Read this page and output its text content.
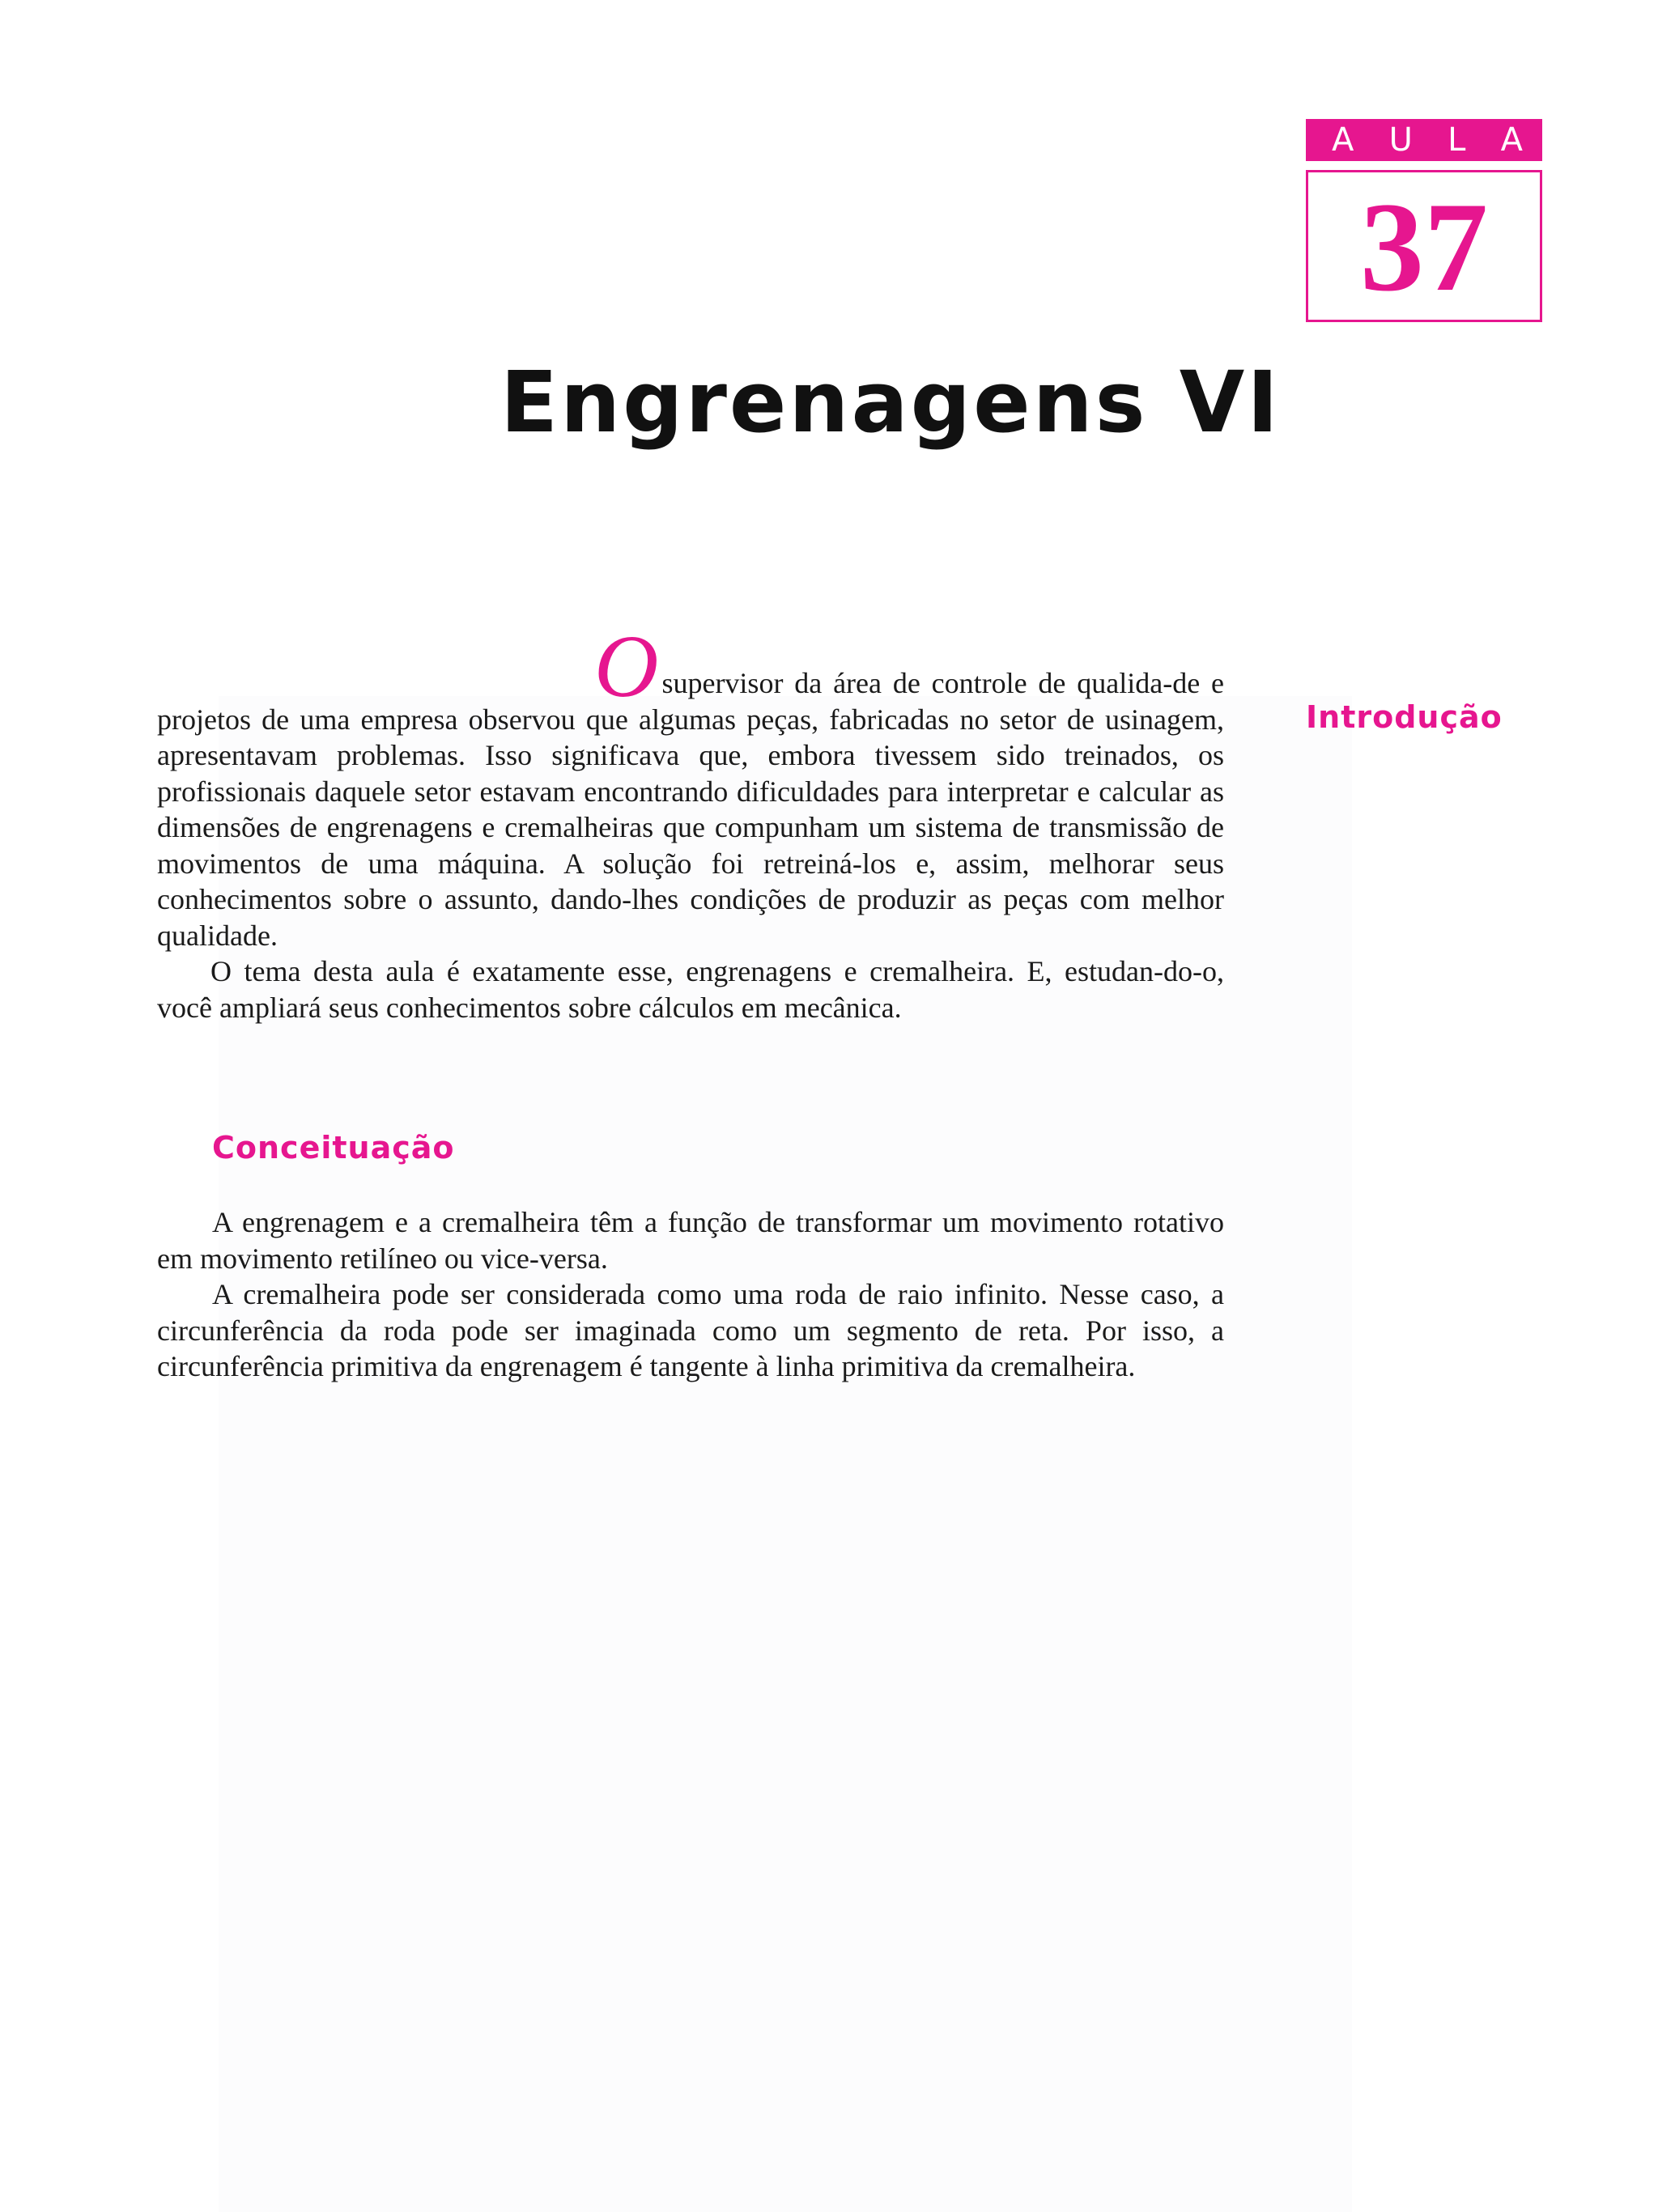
A U L A
37
Engrenagens VI
Introdução

Osupervisor da área de controle de qualida-de e projetos de uma empresa observou que algumas peças, fabricadas no setor de usinagem, apresentavam problemas. Isso significava que, embora tivessem sido treinados, os profissionais daquele setor estavam encontrando dificuldades para interpretar e calcular as dimensões de engrenagens e cremalheiras que compunham um sistema de transmissão de movimentos de uma máquina. A solução foi retreiná-los e, assim, melhorar seus conhecimentos sobre o assunto, dando-lhes condições de produzir as peças com melhor qualidade.

O tema desta aula é exatamente esse, engrenagens e cremalheira. E, estudan-do-o, você ampliará seus conhecimentos sobre cálculos em mecânica.

Conceituação

A engrenagem e a cremalheira têm a função de transformar um movimento rotativo em movimento retilíneo ou vice-versa.

A cremalheira pode ser considerada como uma roda de raio infinito. Nesse caso, a circunferência da roda pode ser imaginada como um segmento de reta. Por isso, a circunferência primitiva da engrenagem é tangente à linha primitiva da cremalheira.
